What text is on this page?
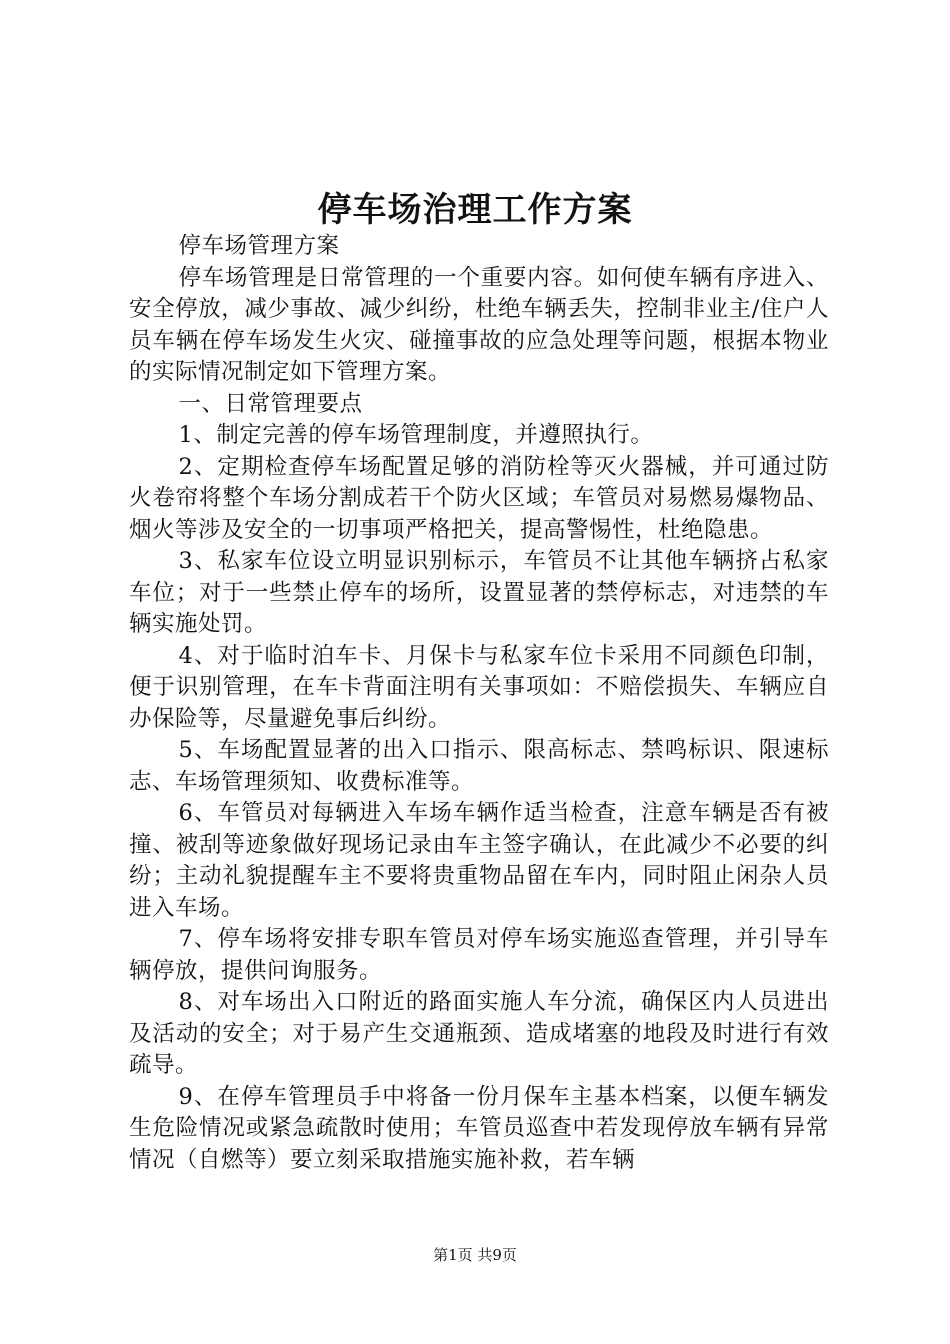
停车场治理工作方案

停车场管理方案

停车场管理是日常管理的一个重要内容。如何使车辆有序进入、安全停放，减少事故、减少纠纷，杜绝车辆丢失，控制非业主/住户人员车辆在停车场发生火灾、碰撞事故的应急处理等问题，根据本物业的实际情况制定如下管理方案。

一、日常管理要点

1、制定完善的停车场管理制度，并遵照执行。

2、定期检查停车场配置足够的消防栓等灭火器械，并可通过防火卷帘将整个车场分割成若干个防火区域；车管员对易燃易爆物品、烟火等涉及安全的一切事项严格把关，提高警惕性，杜绝隐患。

3、私家车位设立明显识别标示，车管员不让其他车辆挤占私家车位；对于一些禁止停车的场所，设置显著的禁停标志，对违禁的车辆实施处罚。

4、对于临时泊车卡、月保卡与私家车位卡采用不同颜色印制，便于识别管理，在车卡背面注明有关事项如：不赔偿损失、车辆应自办保险等，尽量避免事后纠纷。

5、车场配置显著的出入口指示、限高标志、禁鸣标识、限速标志、车场管理须知、收费标准等。

6、车管员对每辆进入车场车辆作适当检查，注意车辆是否有被撞、被刮等迹象做好现场记录由车主签字确认，在此减少不必要的纠纷；主动礼貌提醒车主不要将贵重物品留在车内，同时阻止闲杂人员进入车场。

7、停车场将安排专职车管员对停车场实施巡查管理，并引导车辆停放，提供问询服务。

8、对车场出入口附近的路面实施人车分流，确保区内人员进出及活动的安全；对于易产生交通瓶颈、造成堵塞的地段及时进行有效疏导。

9、在停车管理员手中将备一份月保车主基本档案，以便车辆发生危险情况或紧急疏散时使用；车管员巡查中若发现停放车辆有异常情况（自燃等）要立刻采取措施实施补救，若车辆

第1页 共9页
